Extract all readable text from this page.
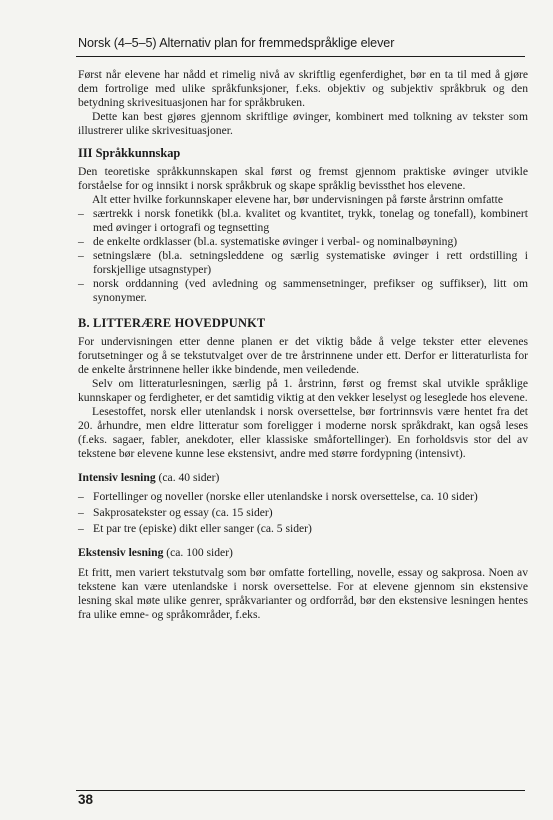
Norsk (4–5–5) Alternativ plan for fremmedspråklige elever

Først når elevene har nådd et rimelig nivå av skriftlig egenferdighet, bør en ta til med å gjøre dem fortrolige med ulike språkfunksjoner, f.eks. objektiv og subjektiv språkbruk og den betydning skrivesituasjonen har for språkbruken.

Dette kan best gjøres gjennom skriftlige øvinger, kombinert med tolkning av tekster som illustrerer ulike skrivesituasjoner.

III Språkkunnskap

Den teoretiske språkkunnskapen skal først og fremst gjennom praktiske øvinger utvikle forståelse for og innsikt i norsk språkbruk og skape språklig bevissthet hos elevene.

Alt etter hvilke forkunnskaper elevene har, bør undervisningen på første årstrinn omfatte

– særtrekk i norsk fonetikk (bl.a. kvalitet og kvantitet, trykk, tonelag og tonefall), kombinert med øvinger i ortografi og tegnsetting
– de enkelte ordklasser (bl.a. systematiske øvinger i verbal- og nominalbøyning)
– setningslære (bl.a. setningsleddene og særlig systematiske øvinger i rett ordstilling i forskjellige utsagnstyper)
– norsk orddanning (ved avledning og sammensetninger, prefikser og suffikser), litt om synonymer.
B. LITTERÆRE HOVEDPUNKT

For undervisningen etter denne planen er det viktig både å velge tekster etter elevenes forutsetninger og å se tekstutvalget over de tre årstrinnene under ett. Derfor er litteraturlista for de enkelte årstrinnene heller ikke bindende, men veiledende.

Selv om litteraturlesningen, særlig på 1. årstrinn, først og fremst skal utvikle språklige kunnskaper og ferdigheter, er det samtidig viktig at den vekker leselyst og leseglede hos elevene.

Lesestoffet, norsk eller utenlandsk i norsk oversettelse, bør fortrinnsvis være hentet fra det 20. århundre, men eldre litteratur som foreligger i moderne norsk språkdrakt, kan også leses (f.eks. sagaer, fabler, anekdoter, eller klassiske småfortellinger). En forholdsvis stor del av tekstene bør elevene kunne lese ekstensivt, andre med større fordypning (intensivt).

Intensiv lesning (ca. 40 sider)
– Fortellinger og noveller (norske eller utenlandske i norsk oversettelse, ca. 10 sider)
– Sakprosatekster og essay (ca. 15 sider)
– Et par tre (episke) dikt eller sanger (ca. 5 sider)
Ekstensiv lesning (ca. 100 sider)

Et fritt, men variert tekstutvalg som bør omfatte fortelling, novelle, essay og sakprosa. Noen av tekstene kan være utenlandske i norsk oversettelse. For at elevene gjennom sin ekstensive lesning skal møte ulike genrer, språkvarianter og ordforråd, bør den ekstensive lesningen hentes fra ulike emne- og språkområder, f.eks.

38
